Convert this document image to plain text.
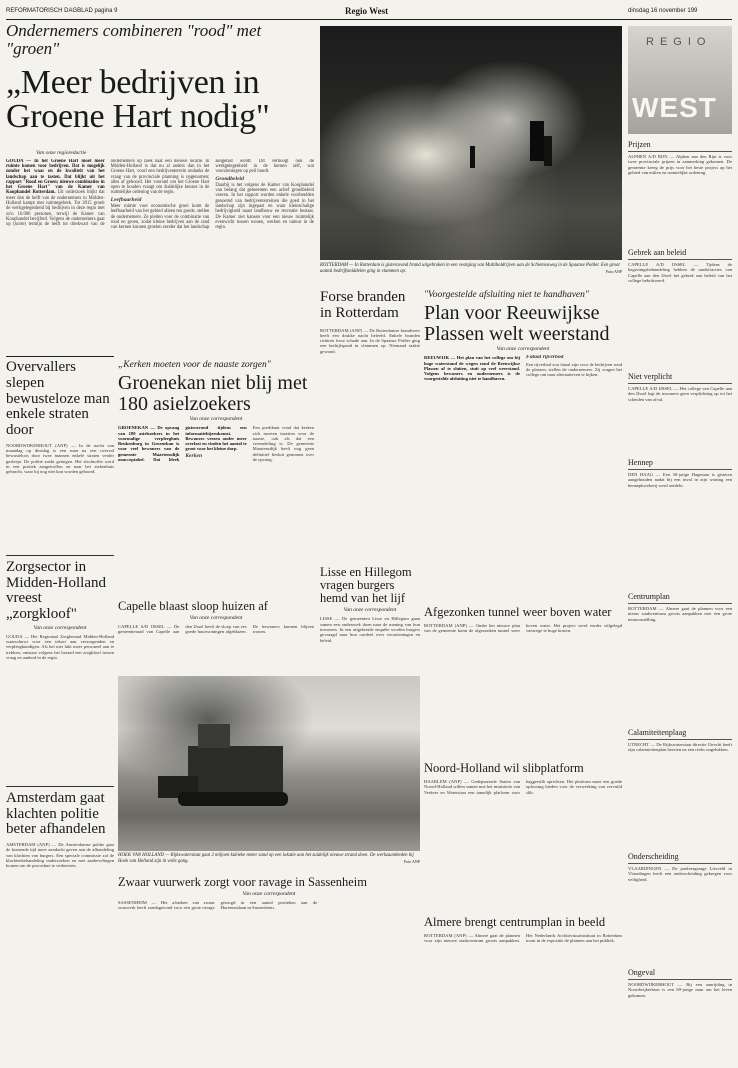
REFORMATORISCH DAGBLAD pagina 9	Regio West	dinsdag 16 november 199
Ondernemers combineren "rood" met "groen"
„Meer bedrijven in Groene Hart nodig"
Van onze regioredactie
GOUDA — In het Groene Hart moet meer ruimte komen voor bedrijven. Dat is mogelijk zonder het waas en de kwaliteit van het landschap aan te tasten. Dat blijkt uit het rapport "Rood en Groen; nieuwe combinaties in het Groene Hart" van de Kamer van Koophandel Rotterdam. Uit onderzoek blijkt dat meer dan de helft van de ondernemers in Midden-Holland kampt met ruimtegebrek. Tot 2015 groeit de werkgelegenheid bij bedrijven in deze regio met zo'n 16.000 personen, terwijl de Kamer van Koophandel becijferd. Volgens de ondernemers gaat op (korte) termijn de helft tot driekwart van de ondernemers op zoek naar een nieuwe locatie. In Midden-Holland is dat nu al anders dan in het Groene Hart, voorl een bedrijventerrein ondanks de vraag van de provinciale planning is opgenomen; alles af gehoord. Het voorstel om het Groene Hart open te houden vraagt om duidelijke keuzes in de ruimtelijke ordening van de regio.
Leefbaarheid
Meer ruimte voor economische groei komt de leefbaarheid van het gebied alleen ten goede, stellen de ondernemers. Ze pleiten voor de combinatie van rood en groen, zodat kleine bedrijven aan de rand van kernen kunnen groeien zonder dat het landschap aangetast wordt. Dit verhoogt ook de werkgelegenheid in de kernen zelf, wat voorzieningen op peil houdt.
Grondbeleid
Daarbij is het volgens de Kamer van Koophandel van belang dat gemeenten een actief grondbeleid voeren. In het rapport worden enkele voorbeelden genoemd van bedrijventerreinen die goed in het landschap zijn ingepast en waar kleinschalige bedrijvigheid naast landbouw en recreatie bestaat. De Kamer ziet kansen voor een nieuw ruimtelijk evenwicht tussen wonen, werken en natuur in de regio.
ROTTERDAM — In Rotterdam is gisteravond brand uitgebroken in een vestiging van Multiholdrijven aan de Schiemvaweg in de Spaanse Polder. Een groot aantal bedrijfsmiddelen ging in vlammen op.	Foto ANP
REGIO
WEST
Prijzen
ALPHEN A/D RIJN — Alphen aan den Rijn is voor twee provinciale prijzen in aanmerking gekomen. De gemeente kreeg de prijs voor het beste project op het gebied van milieu en ruimtelijke ordening.
Gebrek aan beleid
CAPELLE A/D IJSSEL — Tijdens de begrotingsbehandeling hebben de raadsfracties van Capelle aan den IJssel het gebrek aan beleid van het college bekritiseerd.
Niet verplicht
CAPELLE A/D IJSSEL — Het college van Capelle aan den IJssel legt de inwoners geen verplichting op tot het scheiden van afval.
Hennep
DEN HAAG — Een 30-jarige Hagenaar is gisteren aangehouden nadat bij een inval in zijn woning een hennepkwekerij werd ontdekt.
Centrumplan
ROTTERDAM — Almere gaat de plannen voor een nieuw stadscentrum groots aanpakken met een grote tentoonstelling.
Calamiteitenplaag
UTRECHT — De Rijkswaterstaat directie Utrecht heeft zijn calamiteitenplan herzien na een reeks ongelukken.
Onderscheiding
VLAARDINGEN — De parkeergarage Liesveld in Vlaardingen heeft een onderscheiding gekregen voor veiligheid.
Ongeval
NOORDWIJKERHOUT — Bij een aanrijding in Noordwijkerhout is een 69-jarige man om het leven gekomen.
Overvallers slepen bewusteloze man enkele straten door
NOORDWIJKERHOUT (ANP) — In de nacht van maandag op dinsdag is een man na een overval bewusteloos door twee mannen enkele straten verder gesleept. De politie zoekt getuigen. Het slachtoffer werd in een portiek aangetroffen en naar het ziekenhuis gebracht, waar hij nog niet kon worden gehoord.
Zorgsector in Midden-Holland vreest „zorgkloof"
Van onze correspondent
GOUDA — Het Regionaal Zorgberaad Midden-Holland waarschuwt voor een tekort aan verzorgenden en verpleegkundigen. Als het niet lukt meer personeel aan te trekken, ontstaat volgens het beraad een zorgkloof tussen vraag en aanbod in de regio.
Amsterdam gaat klachten politie beter afhandelen
AMSTERDAM (ANP) — De Amsterdamse politie gaat de komende tijd meer aandacht geven aan de afhandeling van klachten van burgers. Een speciale commissie zal de klachtenbehandeling onderzoeken en met aanbevelingen komen om de procedure te verbeteren.
„Kerken moeten voor de naaste zorgen"
Groenekan niet blij met 180 asielzoekers
Van onze correspondent
GROENEKAN — De opvang van 180 asielzoekers in het voormalige verpleeghuis Beukenburg in Groenekan is voor veel bewoners van de gemeente Maartensdijk onacceptabel. Dat bleek gisteravond tijdens een informatiebijeenkomst. Bewoners vrezen onder meer overlast en vinden het aantal te groot voor het kleine dorp.
Kerken
Een predikant vond dat kerken zich moeten inzetten voor de naaste, ook als dat een vreemdeling is. De gemeente Maartensdijk heeft nog geen definitief besluit genomen over de opvang.
Forse branden in Rotterdam
ROTTERDAM (ANP) — De Rotterdamse brandweer heeft een drukke nacht beleefd. Enkele branden richtten forse schade aan. In de Spaanse Polder ging een bedrijfspand in vlammen op. Niemand raakte gewond.
"Voorgestelde afsluiting niet te handhaven"
Plan voor Reeuwijkse Plassen welt weerstand
Van onze correspondent
REEUWIJK — Het plan van het college om bij hoge waterstand de wegen rond de Reeuwijkse Plassen af te sluiten, stuit op veel weerstand. Volgens bewoners en ondernemers is de voorgestelde afsluiting niet te handhaven.
Fataal rijverbod
Een rijverbod zou fataal zijn voor de bedrijven rond de plassen, stellen de ondernemers. Zij vragen het college om naar alternatieven te kijken.
Lisse en Hillegom vragen burgers hemd van het lijf
Van onze correspondent
LISSE — De gemeenten Lisse en Hillegom gaan samen een onderzoek doen naar de mening van hun inwoners. In een uitgebreide enquête worden burgers gevraagd naar hun oordeel over voorzieningen en beleid.
Capelle blaast sloop huizen af
Van onze correspondent
CAPELLE A/D IJSSEL — De gemeenteraad van Capelle aan den IJssel heeft de sloop van zes goede huurwoningen afgeblazen. De bewoners kunnen blijven wonen.
Afgezonken tunnel weer boven water
ROTTERDAM (ANP) — Onder het nieuwe plan van de gemeente komt de afgezonken tunnel weer boven water. Het project werd eerder stilgelegd vanwege te hoge kosten.
HOEK VAN HOLLAND — Rijkswaterstaat gaat 2 miljoen kubieke meter zand op een lokatie aan het zuidelijk nieuwe strand doen. De werkzaamheden bij Hoek van Holland zijn in volle gang.	Foto ANP
Noord-Holland wil slibplatform
HAARLEM (ANP) — Gedeputeerde Staten van Noord-Holland willen samen met het ministerie van Verkeer en Waterstaat een tamelijk platform voor baggerslib oprichten. Het platform moet een goede oplossing bieden voor de verwerking van vervuild slib.
Zwaar vuurwerk zorgt voor ravage in Sassenheim
Van onze correspondent
SASSENHEIM — Het afsteken van zwaar vuurwerk heeft zondagavond voor een grote ravage gezorgd in een aantal portieken aan de Hortensialaan in Sassenheim.
Almere brengt centrumplan in beeld
ROTTERDAM (ANP) — Almere gaat de plannen voor zijn nieuwe stadscentrum groots aanpakken. Het Nederlands Architectuurinstituut in Rotterdam toont in de expositie de plannen aan het publiek.
